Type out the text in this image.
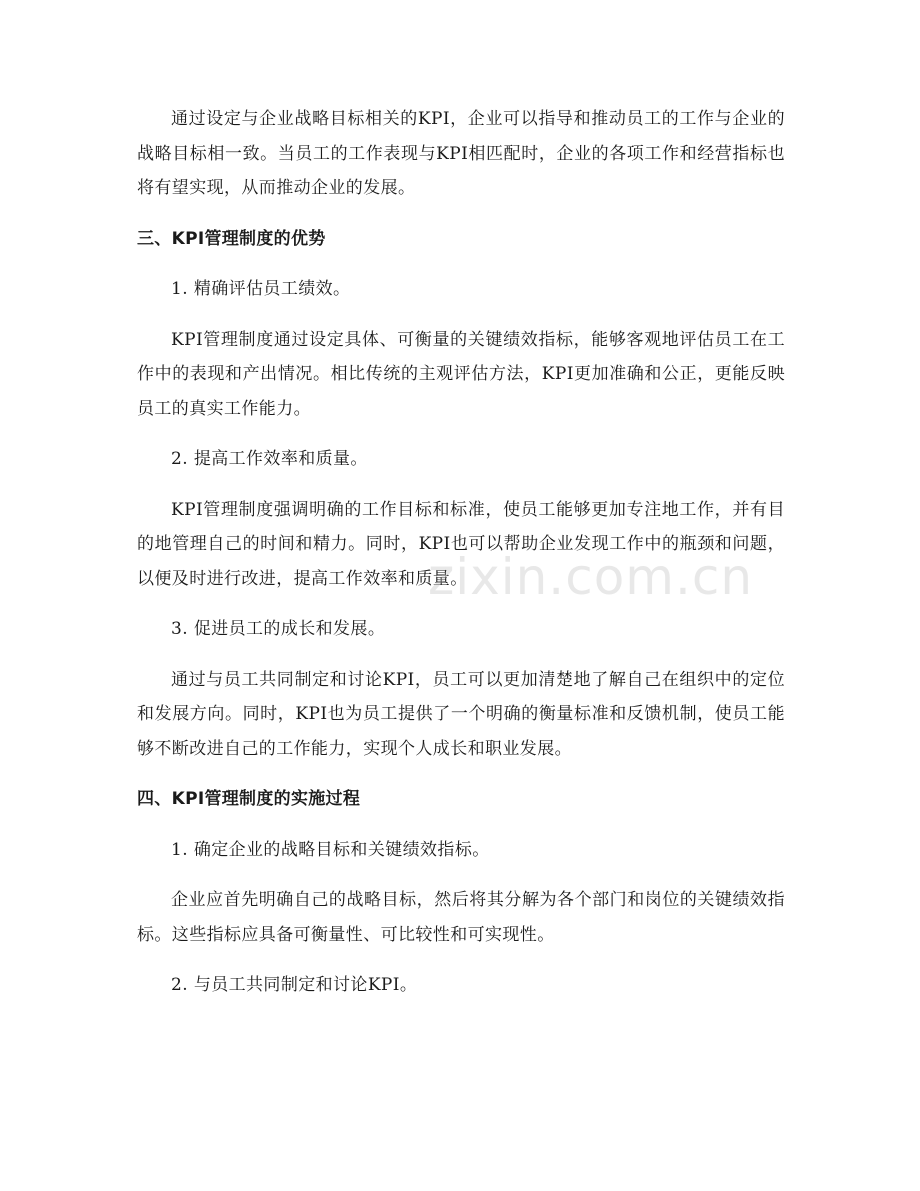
通过设定与企业战略目标相关的KPI，企业可以指导和推动员工的工作与企业的战略目标相一致。当员工的工作表现与KPI相匹配时，企业的各项工作和经营指标也将有望实现，从而推动企业的发展。

三、KPI管理制度的优势

1. 精确评估员工绩效。

KPI管理制度通过设定具体、可衡量的关键绩效指标，能够客观地评估员工在工作中的表现和产出情况。相比传统的主观评估方法，KPI更加准确和公正，更能反映员工的真实工作能力。

2. 提高工作效率和质量。

KPI管理制度强调明确的工作目标和标准，使员工能够更加专注地工作，并有目的地管理自己的时间和精力。同时，KPI也可以帮助企业发现工作中的瓶颈和问题，以便及时进行改进，提高工作效率和质量。

3. 促进员工的成长和发展。

通过与员工共同制定和讨论KPI，员工可以更加清楚地了解自己在组织中的定位和发展方向。同时，KPI也为员工提供了一个明确的衡量标准和反馈机制，使员工能够不断改进自己的工作能力，实现个人成长和职业发展。

四、KPI管理制度的实施过程

1. 确定企业的战略目标和关键绩效指标。

企业应首先明确自己的战略目标，然后将其分解为各个部门和岗位的关键绩效指标。这些指标应具备可衡量性、可比较性和可实现性。

2. 与员工共同制定和讨论KPI。

zixin.com.cn
